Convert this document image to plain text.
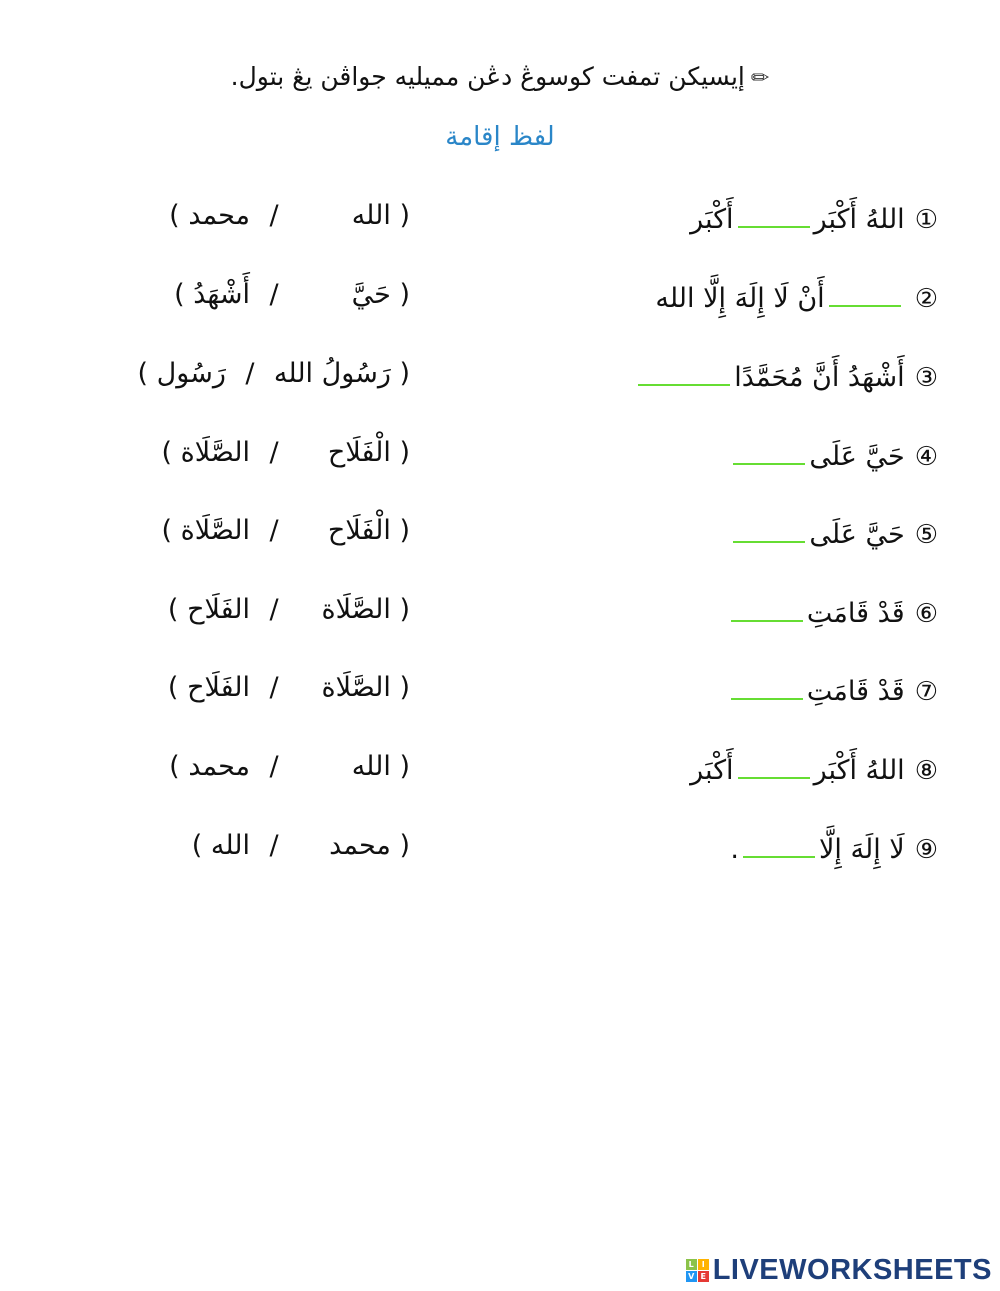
✏إيسيكن تمفت كوسوڠ دڠن مميليه جواڤن يڠ بتول.
لفظ إقامة
①اللهُ أَكْبَرأَكْبَر
( الله
/
محمد )
②أَنْ لَا إِلَهَ إِلَّا الله
( حَيَّ
/
أَشْهَدُ )
③أَشْهَدُ أَنَّ مُحَمَّدًا
( رَسُولُ الله
/
رَسُول )
④حَيَّ عَلَى
( الْفَلَاح
/
الصَّلَاة )
⑤حَيَّ عَلَى
( الْفَلَاح
/
الصَّلَاة )
⑥قَدْ قَامَتِ
( الصَّلَاة
/
الفَلَاح )
⑦قَدْ قَامَتِ
( الصَّلَاة
/
الفَلَاح )
⑧اللهُ أَكْبَرأَكْبَر
( الله
/
محمد )
⑨لَا إِلَهَ إِلَّا.
( محمد
/
الله )
L I
V E LIVEWORKSHEETS
